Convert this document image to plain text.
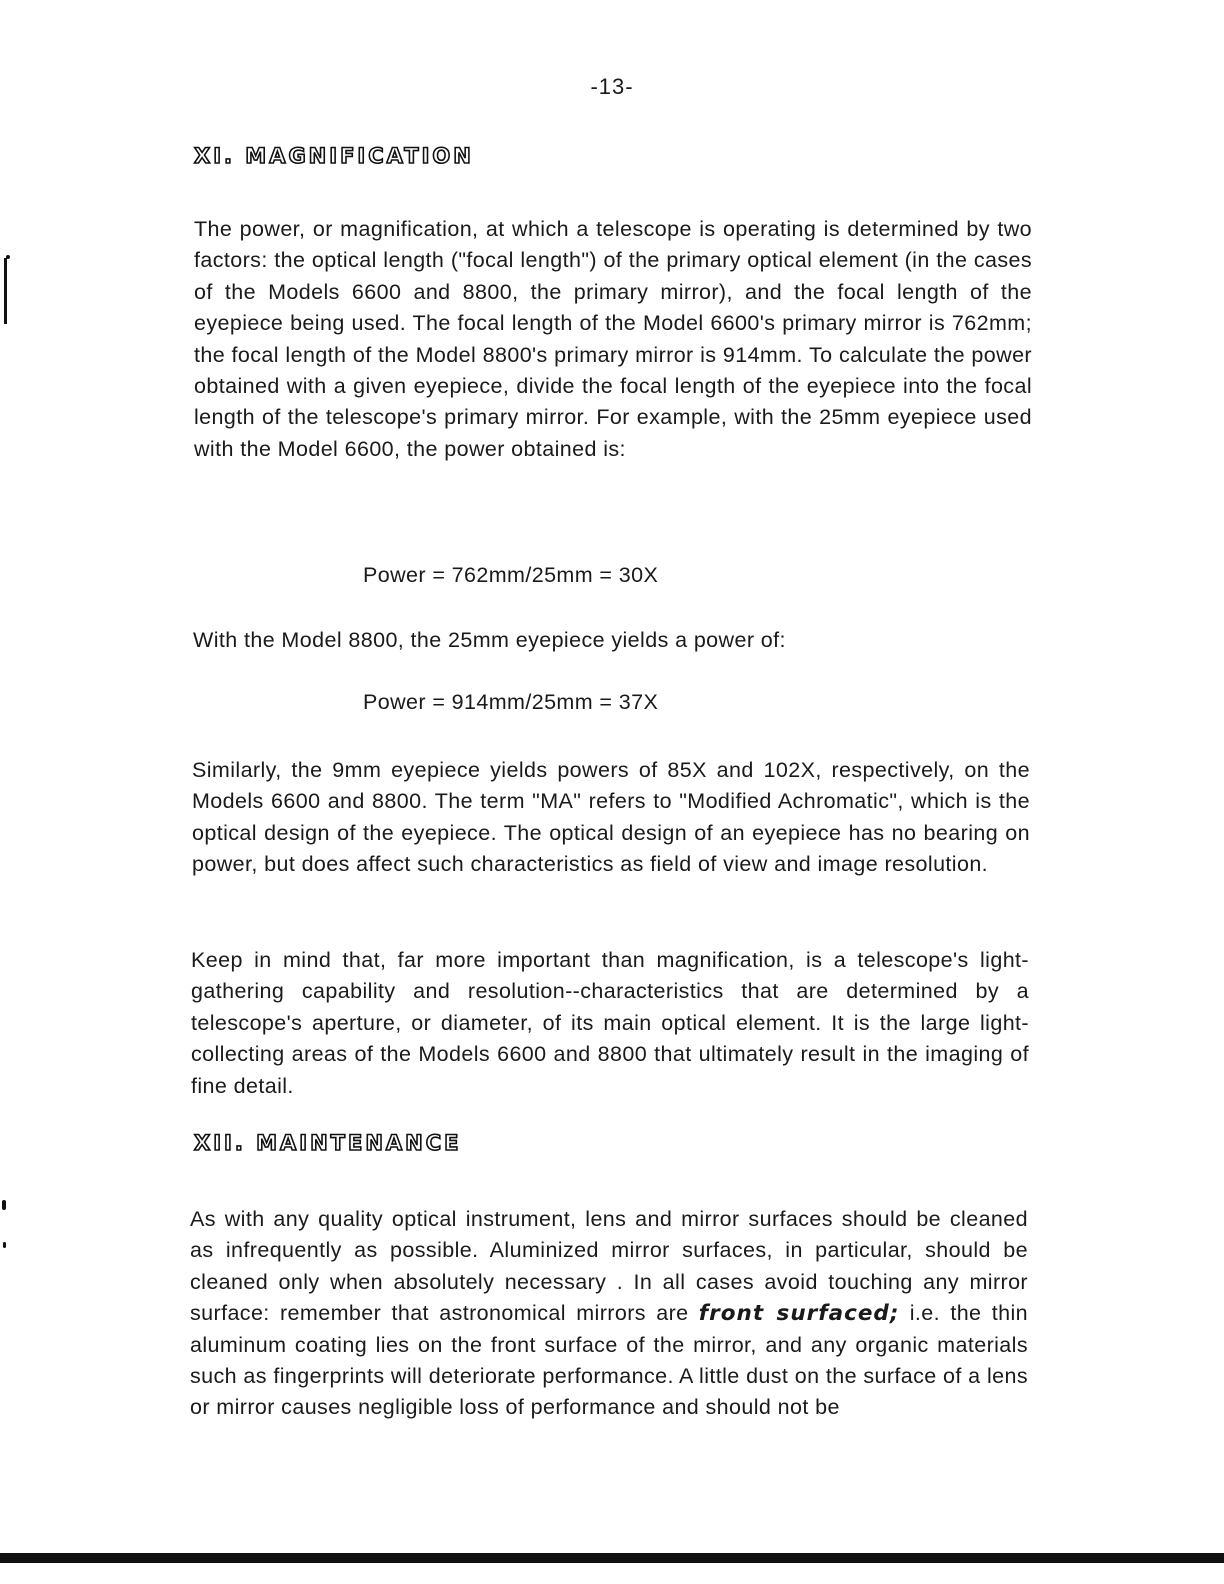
-13-
XI. MAGNIFICATION

The power, or magnification, at which a telescope is operating is determined by two factors: the optical length ("focal length") of the primary optical element (in the cases of the Models 6600 and 8800, the primary mirror), and the focal length of the eyepiece being used. The focal length of the Model 6600's primary mirror is 762mm; the focal length of the Model 8800's primary mirror is 914mm. To calculate the power obtained with a given eyepiece, divide the focal length of the eyepiece into the focal length of the telescope's primary mirror. For example, with the 25mm eyepiece used with the Model 6600, the power obtained is:

Power = 762mm/25mm = 30X

With the Model 8800, the 25mm eyepiece yields a power of:

Power = 914mm/25mm = 37X

Similarly, the 9mm eyepiece yields powers of 85X and 102X, respectively, on the Models 6600 and 8800. The term "MA" refers to "Modified Achromatic", which is the optical design of the eyepiece. The optical design of an eyepiece has no bearing on power, but does affect such characteristics as field of view and image resolution.

Keep in mind that, far more important than magnification, is a telescope's light-gathering capability and resolution--characteristics that are determined by a telescope's aperture, or diameter, of its main optical element. It is the large light-collecting areas of the Models 6600 and 8800 that ultimately result in the imaging of fine detail.

XII. MAINTENANCE

As with any quality optical instrument, lens and mirror surfaces should be cleaned as infrequently as possible. Aluminized mirror surfaces, in particular, should be cleaned only when absolutely necessary . In all cases avoid touching any mirror surface: remember that astronomical mirrors are front surfaced; i.e. the thin aluminum coating lies on the front surface of the mirror, and any organic materials such as fingerprints will deteriorate performance. A little dust on the surface of a lens or mirror causes negligible loss of performance and should not be
